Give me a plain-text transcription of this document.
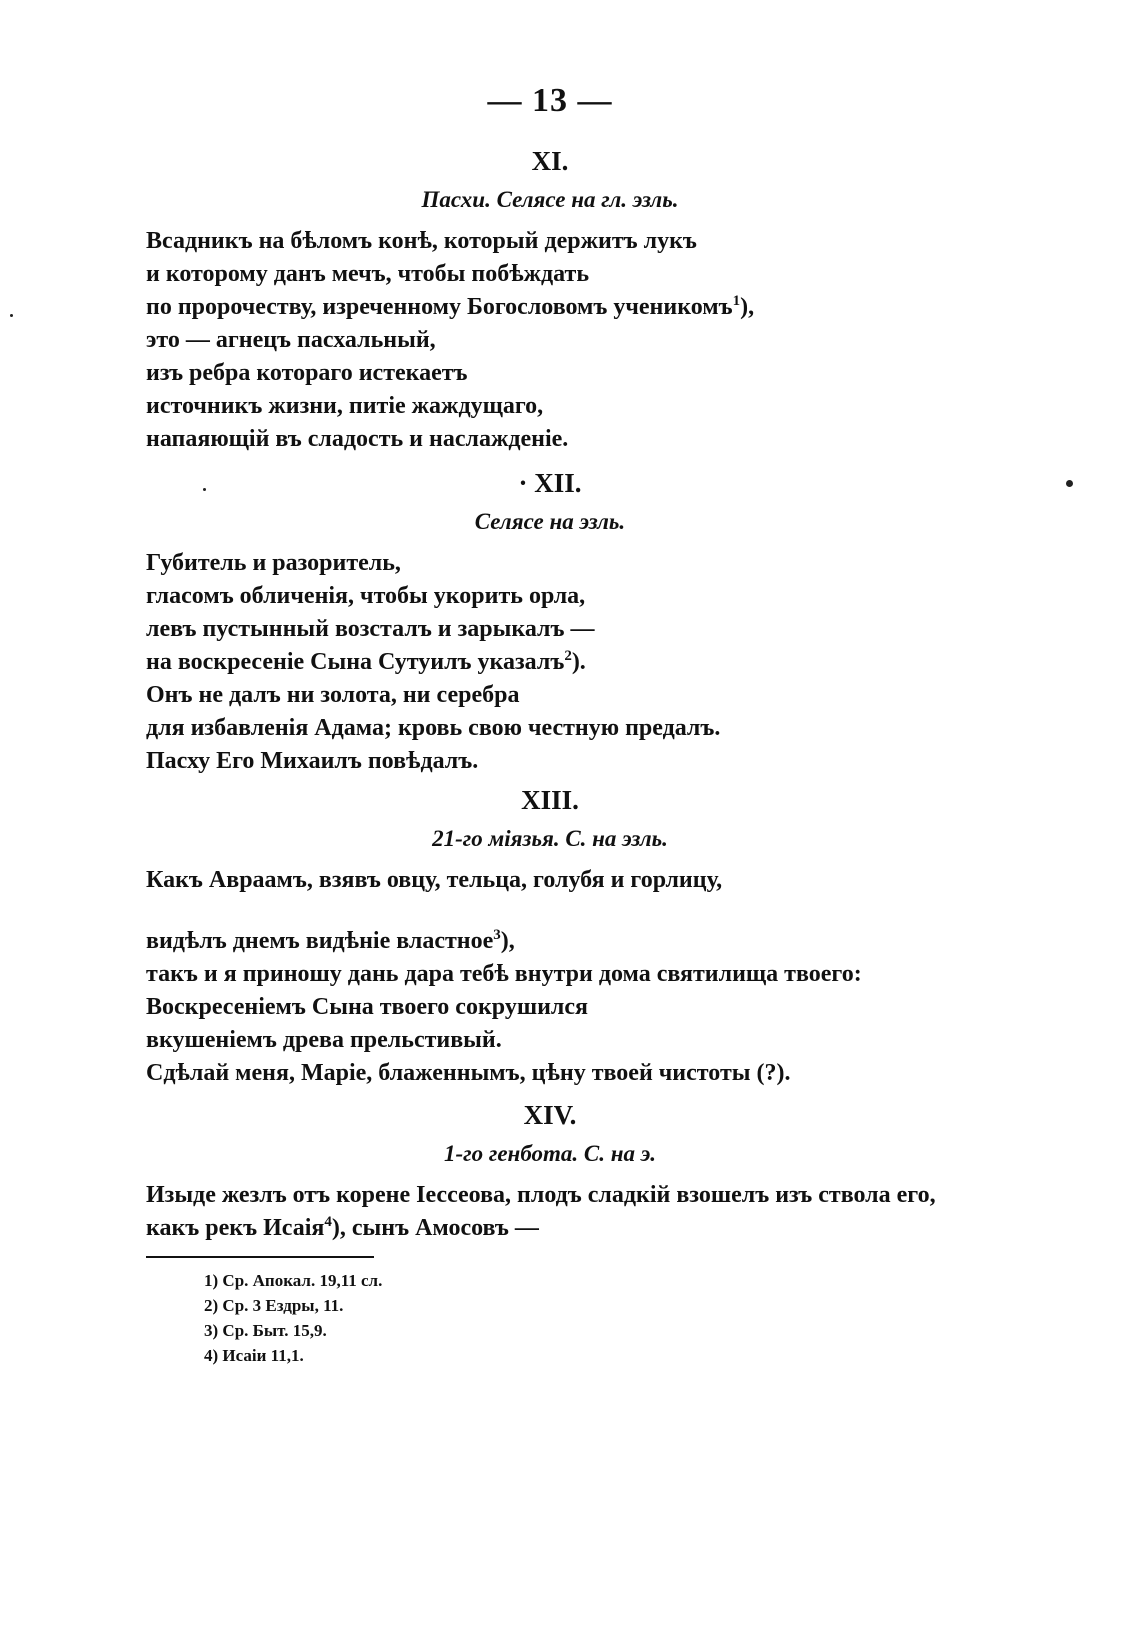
— 13 —
XI.
Пасхи. Селясе на гл. эзль.
Всадникъ на бѣломъ конѣ, который держитъ лукъ
и которому данъ мечъ, чтобы побѣждать
по пророчеству, изреченному Богословомъ ученикомъ$^1$),
это — агнецъ пасхальный,
изъ ребра котораго истекаетъ
источникъ жизни, питіе жаждущаго,
напаяющій въ сладость и наслажденіе.
· XII.
Селясе на эзль.
Губитель и разоритель,
гласомъ обличенія, чтобы укорить орла,
левъ пустынный возсталъ и зарыкалъ —
на воскресеніе Сына Сутуилъ указалъ$^2$).
Онъ не далъ ни золота, ни серебра
для избавленія Адама; кровь свою честную предалъ.
Пасху Его Михаилъ повѣдалъ.
XIII.
21-го міязья. С. на эзль.
Какъ Авраамъ, взявъ овцу, тельца, голубя и горлицу,
видѣлъ днемъ видѣніе властное$^3$),
такъ и я приношу дань дара тебѣ внутри дома святилища твоего:
Воскресеніемъ Сына твоего сокрушился
вкушеніемъ древа прельстивый.
Сдѣлай меня, Маріе, блаженнымъ, цѣну твоей чистоты (?).
XIV.
1-го генбота. С. на э.
Изыде жезлъ отъ корене Іессеова, плодъ сладкій взошелъ изъ ствола его,
какъ рекъ Исаія$^4$), сынъ Амосовъ —
1) Ср. Апокал. 19,11 сл.
2) Ср. 3 Ездры, 11.
3) Ср. Быт. 15,9.
4) Исаіи 11,1.
